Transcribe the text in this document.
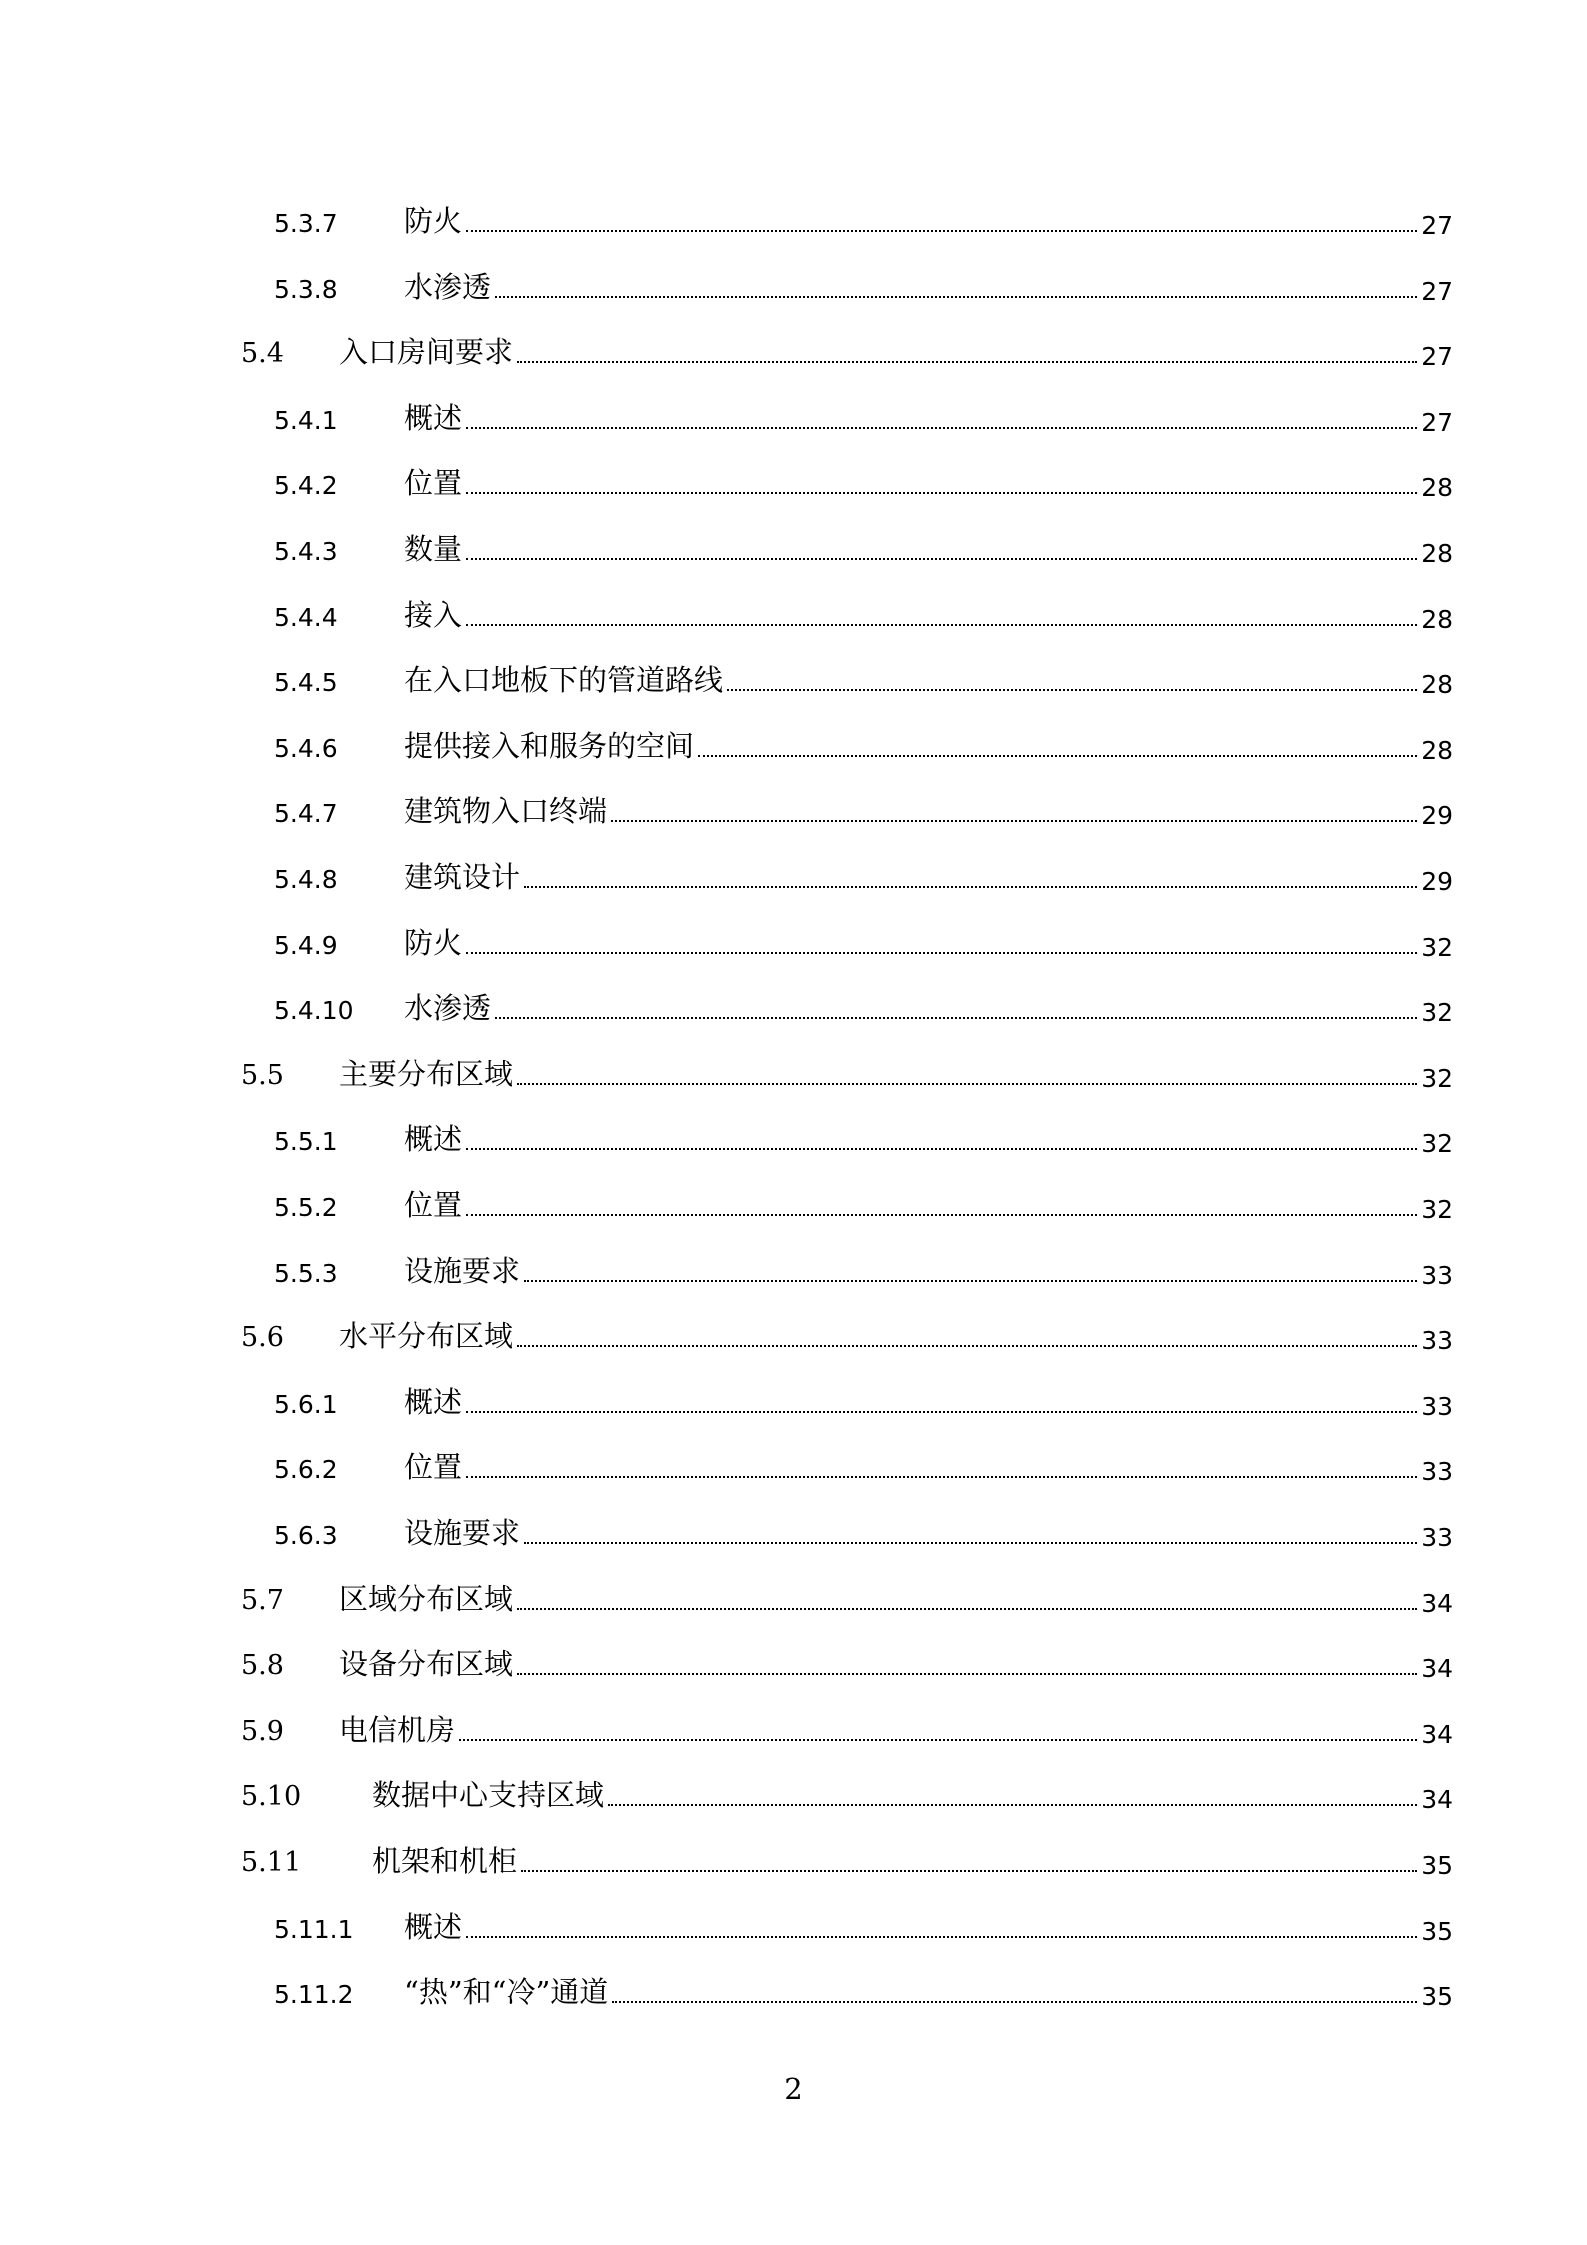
5.3.7 防火	27
5.3.8 水渗透	27
5.4 入口房间要求	27
5.4.1 概述	27
5.4.2 位置	28
5.4.3 数量	28
5.4.4 接入	28
5.4.5 在入口地板下的管道路线	28
5.4.6 提供接入和服务的空间	28
5.4.7 建筑物入口终端	29
5.4.8 建筑设计	29
5.4.9 防火	32
5.4.10 水渗透	32
5.5 主要分布区域	32
5.5.1 概述	32
5.5.2 位置	32
5.5.3 设施要求	33
5.6 水平分布区域	33
5.6.1 概述	33
5.6.2 位置	33
5.6.3 设施要求	33
5.7 区域分布区域	34
5.8 设备分布区域	34
5.9 电信机房	34
5.10 数据中心支持区域	34
5.11 机架和机柜	35
5.11.1 概述	35
5.11.2 “热”和“冷”通道	35
2
